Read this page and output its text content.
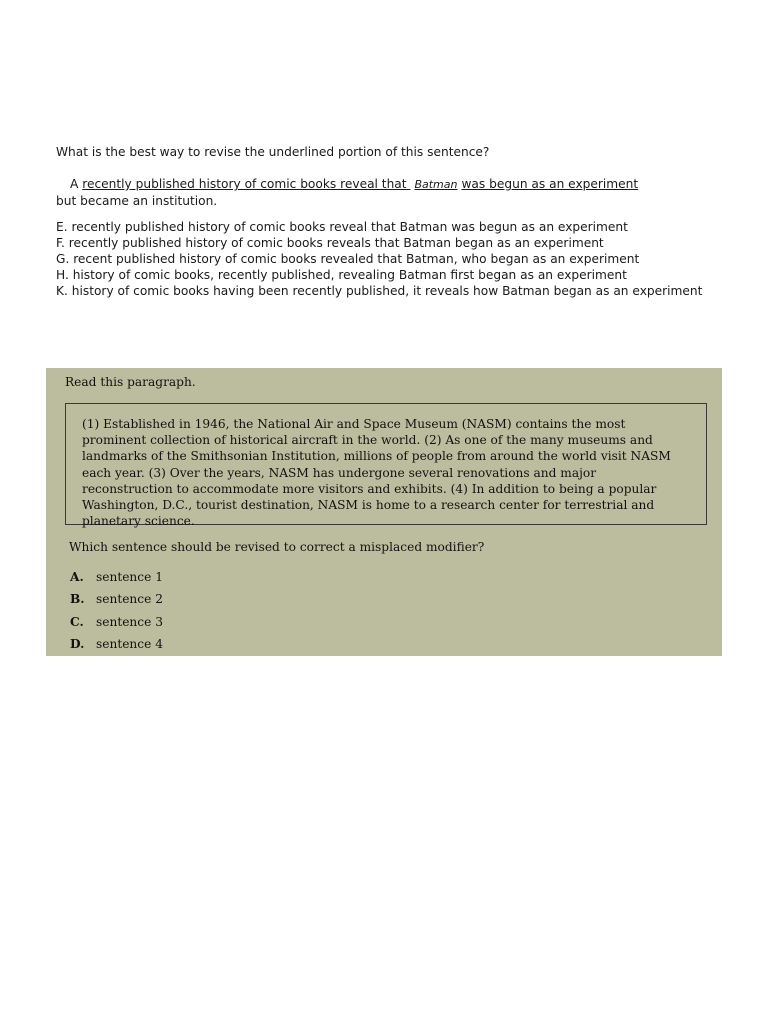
What is the best way to revise the underlined portion of this sentence?

A recently published history of comic books reveal that Batman was begun as an experiment
but became an institution.
E. recently published history of comic books reveal that Batman was begun as an experiment
F. recently published history of comic books reveals that Batman began as an experiment
G. recent published history of comic books revealed that Batman, who began as an experiment
H. history of comic books, recently published, revealing Batman first began as an experiment
K. history of comic books having been recently published, it reveals how Batman began as an experiment
Read this paragraph.
(1) Established in 1946, the National Air and Space Museum (NASM) contains the most prominent collection of historical aircraft in the world. (2) As one of the many museums and landmarks of the Smithsonian Institution, millions of people from around the world visit NASM each year. (3) Over the years, NASM has undergone several renovations and major reconstruction to accommodate more visitors and exhibits. (4) In addition to being a popular Washington, D.C., tourist destination, NASM is home to a research center for terrestrial and planetary science.
Which sentence should be revised to correct a misplaced modifier?
A. sentence 1
B. sentence 2
C. sentence 3
D. sentence 4
